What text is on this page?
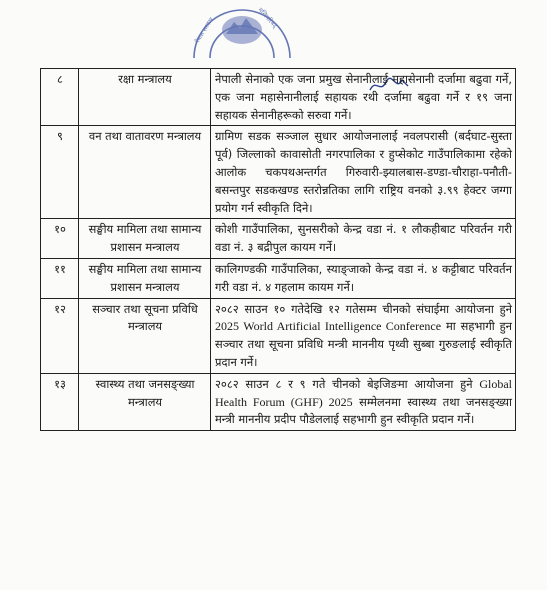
नेपाल सरकार	मन्त्रिपरिषद्
८	रक्षा मन्त्रालय	नेपाली सेनाको एक जना प्रमुख सेनानीलाई महासेनानी दर्जामा बढुवा गर्ने, एक जना महासेनानीलाई सहायक रथी दर्जामा बढुवा गर्ने र १९ जना सहायक सेनानीहरूको सरुवा गर्ने।
९	वन तथा वातावरण मन्त्रालय	ग्रामिण सडक सञ्जाल सुधार आयोजनालाई नवलपरासी (बर्दघाट-सुस्ता पूर्व) जिल्लाको कावासोती नगरपालिका र हुप्सेकोट गाउँपालिकामा रहेको आलोक चकपथअन्तर्गत गिरुवारी-झ्यालबास-डण्डा-चौराहा-पनौती-बसन्तपुर सडकखण्ड स्तरोन्नतिका लागि राष्ट्रिय वनको ३.९९ हेक्टर जग्गा प्रयोग गर्न स्वीकृति दिने।
१०	सङ्घीय मामिला तथा सामान्य प्रशासन मन्त्रालय	कोशी गाउँपालिका, सुनसरीको केन्द्र वडा नं. १ लौकहीबाट परिवर्तन गरी वडा नं. ३ बद्रीपुल कायम गर्ने।
११	सङ्घीय मामिला तथा सामान्य प्रशासन मन्त्रालय	कालिगण्डकी गाउँपालिका, स्याङ्जाको केन्द्र वडा नं. ४ कट्टीबाट परिवर्तन गरी वडा नं. ४ गहलाम कायम गर्ने।
१२	सञ्चार तथा सूचना प्रविधि मन्त्रालय	२०८२ साउन १० गतेदेखि १२ गतेसम्म चीनको संघाईमा आयोजना हुने 2025 World Artificial Intelligence Conference मा सहभागी हुन सञ्चार तथा सूचना प्रविधि मन्त्री माननीय पृथ्वी सुब्बा गुरुङलाई स्वीकृति प्रदान गर्ने।
१३	स्वास्थ्य तथा जनसङ्ख्या मन्त्रालय	२०८२ साउन ८ र ९ गते चीनको बेइजिङमा आयोजना हुने Global Health Forum (GHF) 2025 सम्मेलनमा स्वास्थ्य तथा जनसङ्ख्या मन्त्री माननीय प्रदीप पौडेललाई सहभागी हुन स्वीकृति प्रदान गर्ने।
